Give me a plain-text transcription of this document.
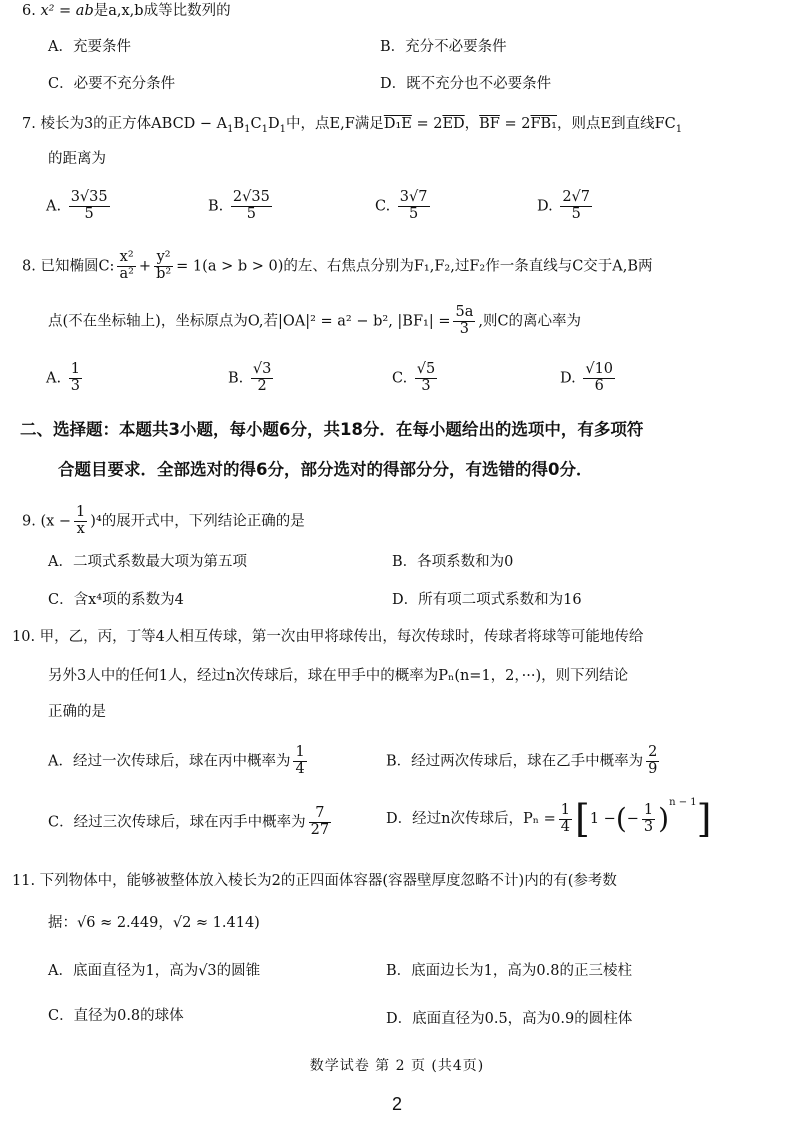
6. x² = ab是a,x,b成等比数列的
A．充要条件	B．充分不必要条件
C．必要不充分条件	D．既不充分也不必要条件
7. 棱长为3的正方体ABCD − $A_1B_1C_1D_1$中，点E,F满足$D_1E = 2\overline{ED}$，$\overline{BF} = 2FB_1$，则点E到直线$FC_1$
的距离为
A. $\frac{3√35}{5}$	B. $\frac{2√35}{5}$	C. $\frac{3√7}{5}$	D. $\frac{2√7}{5}$
8. 已知椭圆C: $\frac{\text{x²}}{\text{a²}} + \frac{\text{y²}}{\text{b²}} = 1(a > b > 0)$的左、右焦点分别为F₁,F₂,过F₂作一条直线与C交于A,B两
点(不在坐标轴上)，坐标原点为O,若|OA|² = a² − b², $|BF_1| = \frac{5a}{3}$ ,则C的离心率为
A. $\frac{1}{3}$	B. $\frac{√3}{2}$	C. $\frac{√5}{3}$	D. $\frac{√10}{6}$
二、选择题：本题共3小题，每小题6分，共18分．在每小题给出的选项中，有多项符
合题目要求．全部选对的得6分，部分选对的得部分分，有选错的得0分．
9. $(x - \frac{1}{x} )^4$的展开式中，下列结论正确的是
A．二项式系数最大项为第五项	B．各项系数和为0
C．含x⁴项的系数为4	D．所有项二项式系数和为16
10. 甲，乙，丙，丁等4人相互传球，第一次由甲将球传出，每次传球时，传球者将球等可能地传给
另外3人中的任何1人，经过n次传球后，球在甲手中的概率为Pₙ(n=1，2，···)，则下列结论
正确的是
A．经过一次传球后，球在丙中概率为 $\frac{1}{4}$	B．经过两次传球后，球在乙手中概率为 $\frac{2}{9}$
C．经过三次传球后，球在丙手中概率为 $\frac{7}{27}$	D．经过n次传球后，$P_n = \frac{1}{4} [1$ −(− $\frac{1}{3} )^{n - 1}$]
11. 下列物体中，能够被整体放入棱长为2的正四面体容器(容器壁厚度忽略不计)内的有(参考数
据：√6 ≈ 2.449，√2 ≈ 1.414)
A．底面直径为1，高为√3的圆锥	B．底面边长为1，高为0.8的正三棱柱
C．直径为0.8的球体	D．底面直径为0.5，高为0.9的圆柱体
数学试卷 第 2 页 (共4页)
2
